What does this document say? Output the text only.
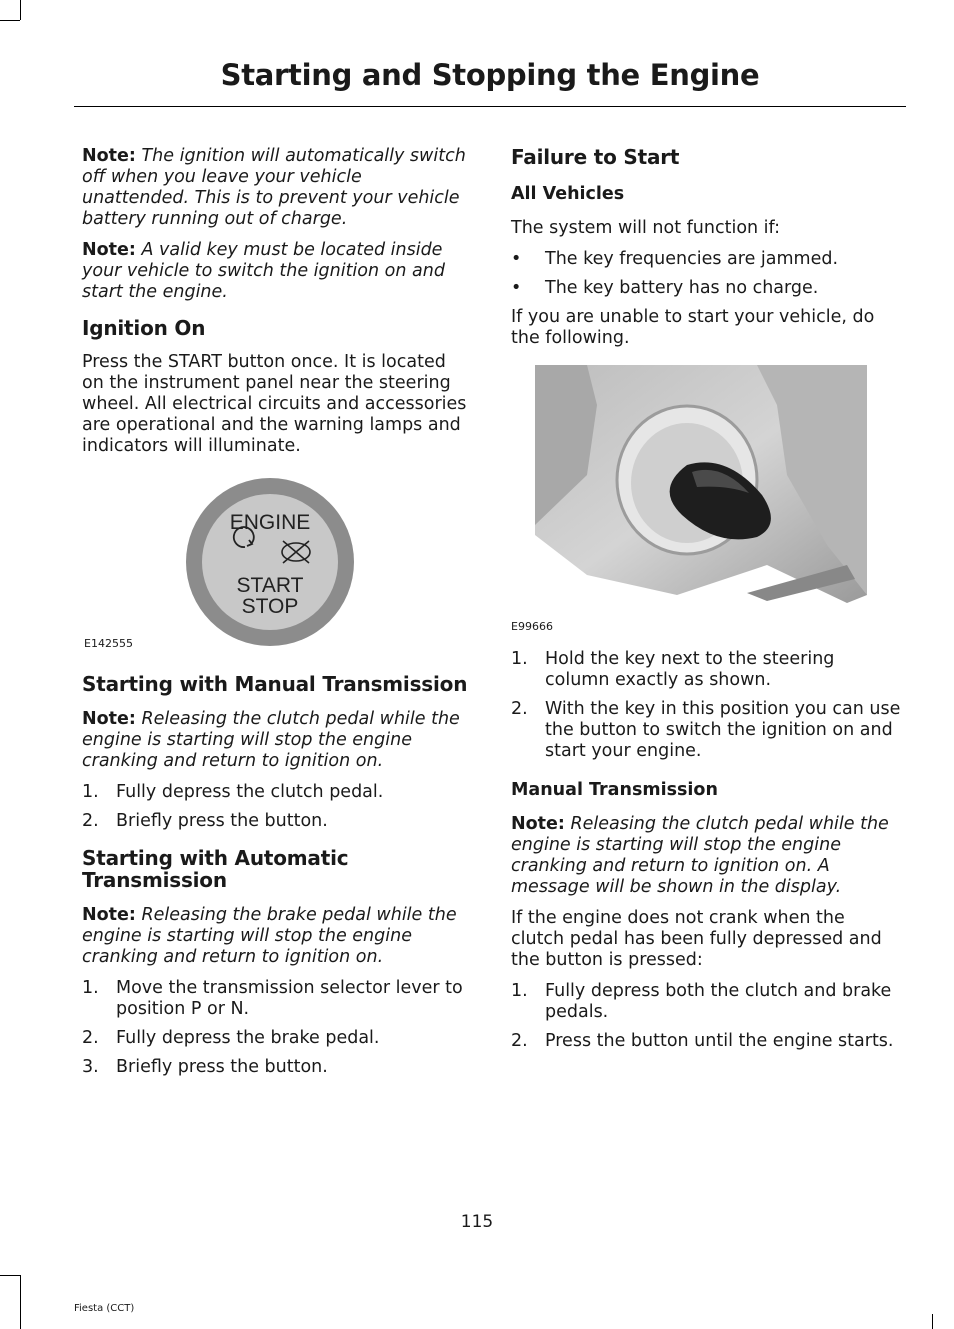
Starting and Stopping the Engine

Note: The ignition will automatically switch off when you leave your vehicle unattended. This is to prevent your vehicle battery running out of charge.

Note: A valid key must be located inside your vehicle to switch the ignition on and start the engine.

Ignition On

Press the START button once. It is located on the instrument panel near the steering wheel. All electrical circuits and accessories are operational and the warning lamps and indicators will illuminate.

ENGINE
START
STOP
E142555
Starting with Manual Transmission

Note: Releasing the clutch pedal while the engine is starting will stop the engine cranking and return to ignition on.

1. Fully depress the clutch pedal.
2. Briefly press the button.
Starting with Automatic Transmission

Note: Releasing the brake pedal while the engine is starting will stop the engine cranking and return to ignition on.

1. Move the transmission selector lever to position P or N.
2. Fully depress the brake pedal.
3. Briefly press the button.
Failure to Start
All Vehicles

The system will not function if:

• The key frequencies are jammed.
• The key battery has no charge.

If you are unable to start your vehicle, do the following.

E99666
1. Hold the key next to the steering column exactly as shown.
2. With the key in this position you can use the button to switch the ignition on and start your engine.
Manual Transmission

Note: Releasing the clutch pedal while the engine is starting will stop the engine cranking and return to ignition on. A message will be shown in the display.

If the engine does not crank when the clutch pedal has been fully depressed and the button is pressed:

1. Fully depress both the clutch and brake pedals.
2. Press the button until the engine starts.
115
Fiesta (CCT)
